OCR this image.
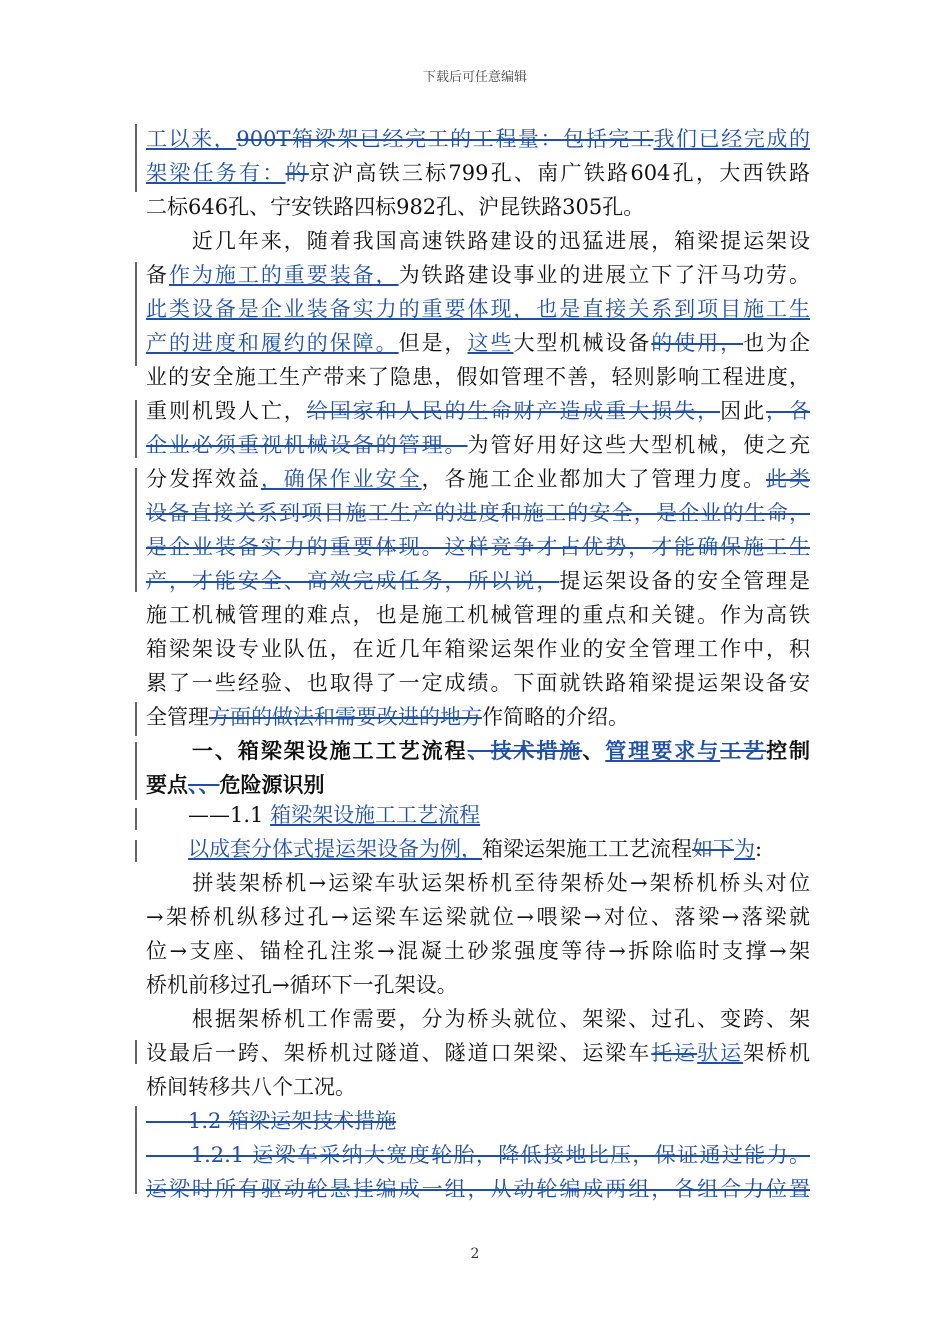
下载后可任意编辑
工以来，900T箱梁架已经完工的工程量：包括完工我们已经完成的
架梁任务有：的京沪高铁三标799孔、南广铁路604孔，大西铁路
二标646孔、宁安铁路四标982孔、沪昆铁路305孔。
　　近几年来，随着我国高速铁路建设的迅猛进展，箱梁提运架设
备作为施工的重要装备，为铁路建设事业的进展立下了汗马功劳。
此类设备是企业装备实力的重要体现，也是直接关系到项目施工生
产的进度和履约的保障。但是，这些大型机械设备的使用，也为企
业的安全施工生产带来了隐患，假如管理不善，轻则影响工程进度，
重则机毁人亡，给国家和人民的生命财产造成重大损失，因此，各
企业必须重视机械设备的管理。为管好用好这些大型机械，使之充
分发挥效益，确保作业安全，各施工企业都加大了管理力度。此类
设备直接关系到项目施工生产的进度和施工的安全，是企业的生命，
是企业装备实力的重要体现。这样竞争才占优势，才能确保施工生
产，才能安全、高效完成任务，所以说，提运架设备的安全管理是
施工机械管理的难点，也是施工机械管理的重点和关键。作为高铁
箱梁架设专业队伍，在近几年箱梁运架作业的安全管理工作中，积
累了一些经验、也取得了一定成绩。下面就铁路箱梁提运架设备安
全管理方面的做法和需要改进的地方作简略的介绍。
　　一、箱梁架设施工工艺流程、技术措施、管理要求与工艺控制
要点、、危险源识别
　　——1.1 箱梁架设施工工艺流程
　　以成套分体式提运架设备为例，箱梁运架施工工艺流程如下为:
　　拼装架桥机→运梁车驮运架桥机至待架桥处→架桥机桥头对位
→架桥机纵移过孔→运梁车运梁就位→喂梁→对位、落梁→落梁就
位→支座、锚栓孔注浆→混凝土砂浆强度等待→拆除临时支撑→架
桥机前移过孔→循环下一孔架设。
　　根据架桥机工作需要，分为桥头就位、架梁、过孔、变跨、架
设最后一跨、架桥机过隧道、隧道口架梁、运梁车托运驮运架桥机
桥间转移共八个工况。
　　1.2 箱梁运架技术措施
　　1.2.1 运梁车采纳大宽度轮胎，降低接地比压，保证通过能力。
运梁时所有驱动轮悬挂编成一组，从动轮编成两组，各组合力位置
2
